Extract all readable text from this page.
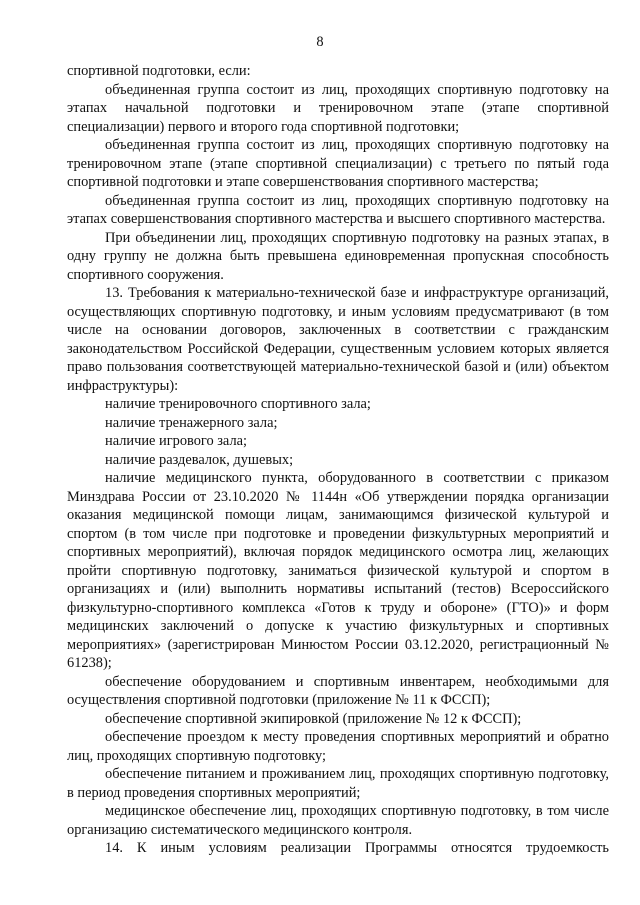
8

спортивной подготовки, если:

объединенная группа состоит из лиц, проходящих спортивную подготовку на этапах начальной подготовки и тренировочном этапе (этапе спортивной специализации) первого и второго года спортивной подготовки;

объединенная группа состоит из лиц, проходящих спортивную подготовку на тренировочном этапе (этапе спортивной специализации) с третьего по пятый года спортивной подготовки и этапе совершенствования спортивного мастерства;

объединенная группа состоит из лиц, проходящих спортивную подготовку на этапах совершенствования спортивного мастерства и высшего спортивного мастерства.

При объединении лиц, проходящих спортивную подготовку на разных этапах, в одну группу не должна быть превышена единовременная пропускная способность спортивного сооружения.

13. Требования к материально-технической базе и инфраструктуре организаций, осуществляющих спортивную подготовку, и иным условиям предусматривают (в том числе на основании договоров, заключенных в соответствии с гражданским законодательством Российской Федерации, существенным условием которых является право пользования соответствующей материально-технической базой и (или) объектом инфраструктуры):

наличие тренировочного спортивного зала;

наличие тренажерного зала;

наличие игрового зала;

наличие раздевалок, душевых;

наличие медицинского пункта, оборудованного в соответствии с приказом Минздрава России от 23.10.2020 № 1144н «Об утверждении порядка организации оказания медицинской помощи лицам, занимающимся физической культурой и спортом (в том числе при подготовке и проведении физкультурных мероприятий и спортивных мероприятий), включая порядок медицинского осмотра лиц, желающих пройти спортивную подготовку, заниматься физической культурой и спортом в организациях и (или) выполнить нормативы испытаний (тестов) Всероссийского физкультурно-спортивного комплекса «Готов к труду и обороне» (ГТО)» и форм медицинских заключений о допуске к участию физкультурных и спортивных мероприятиях» (зарегистрирован Минюстом России 03.12.2020, регистрационный № 61238);

обеспечение оборудованием и спортивным инвентарем, необходимыми для осуществления спортивной подготовки (приложение № 11 к ФССП);

обеспечение спортивной экипировкой (приложение № 12 к ФССП);

обеспечение проездом к месту проведения спортивных мероприятий и обратно лиц, проходящих спортивную подготовку;

обеспечение питанием и проживанием лиц, проходящих спортивную подготовку, в период проведения спортивных мероприятий;

медицинское обеспечение лиц, проходящих спортивную подготовку, в том числе организацию систематического медицинского контроля.

14. К иным условиям реализации Программы относятся трудоемкость
